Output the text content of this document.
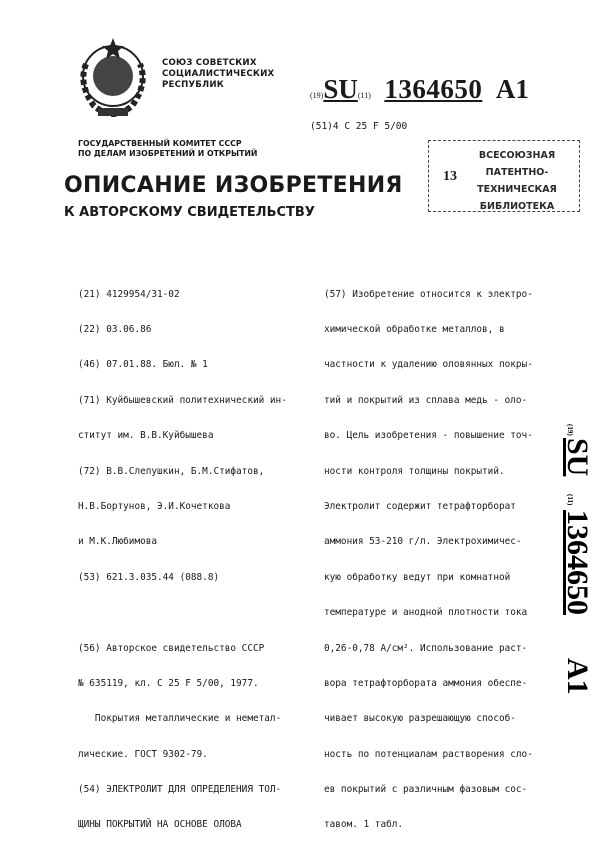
СОЮЗ СОВЕТСКИХ
СОЦИАЛИСТИЧЕСКИХ
РЕСПУБЛИК
(19)SU(11) 1364650 A1
(51)4 C 25 F 5/00
ГОСУДАРСТВЕННЫЙ КОМИТЕТ СССР
ПО ДЕЛАМ ИЗОБРЕТЕНИЙ И ОТКРЫТИЙ
13
ВСЕСОЮЗНАЯ
ПАТЕНТНО-
ТЕХНИЧЕСКАЯ
БИБЛИОТЕКА
ОПИСАНИЕ ИЗОБРЕТЕНИЯ
К АВТОРСКОМУ СВИДЕТЕЛЬСТВУ

(21) 4129954/31-02

(22) 03.06.86

(46) 07.01.88. Бюл. № 1

(71) Куйбышевский политехнический ин-

ститут им. В.В.Куйбышева

(72) В.В.Слепушкин, Б.М.Стифатов,

Н.В.Бортунов, Э.И.Кочеткова

и М.К.Любимова

(53) 621.3.035.44 (088.8)

(56) Авторское свидетельство СССР

№ 635119, кл. С 25 F 5/00, 1977.

Покрытия металлические и неметал-

лические. ГОСТ 9302-79.

(54) ЭЛЕКТРОЛИТ ДЛЯ ОПРЕДЕЛЕНИЯ ТОЛ-

ЩИНЫ ПОКРЫТИЙ НА ОСНОВЕ ОЛОВА

(57) Изобретение относится к электро-

химической обработке металлов, в

частности к удалению оловянных покры-

тий и покрытий из сплава медь - оло-

во. Цель изобретения - повышение точ-

ности контроля толщины покрытий.

Электролит содержит тетрафторборат

аммония 53-210 г/л. Электрохимичес-

кую обработку ведут при комнатной

температуре и анодной плотности тока

0,26-0,78 А/см². Использование раст-

вора тетрафторбората аммония обеспе-

чивает высокую разрешающую способ-

ность по потенциалам растворения сло-

ев покрытий с различным фазовым сос-

тавом. 1 табл.

(19)
SU
(11)
1364650
A1
